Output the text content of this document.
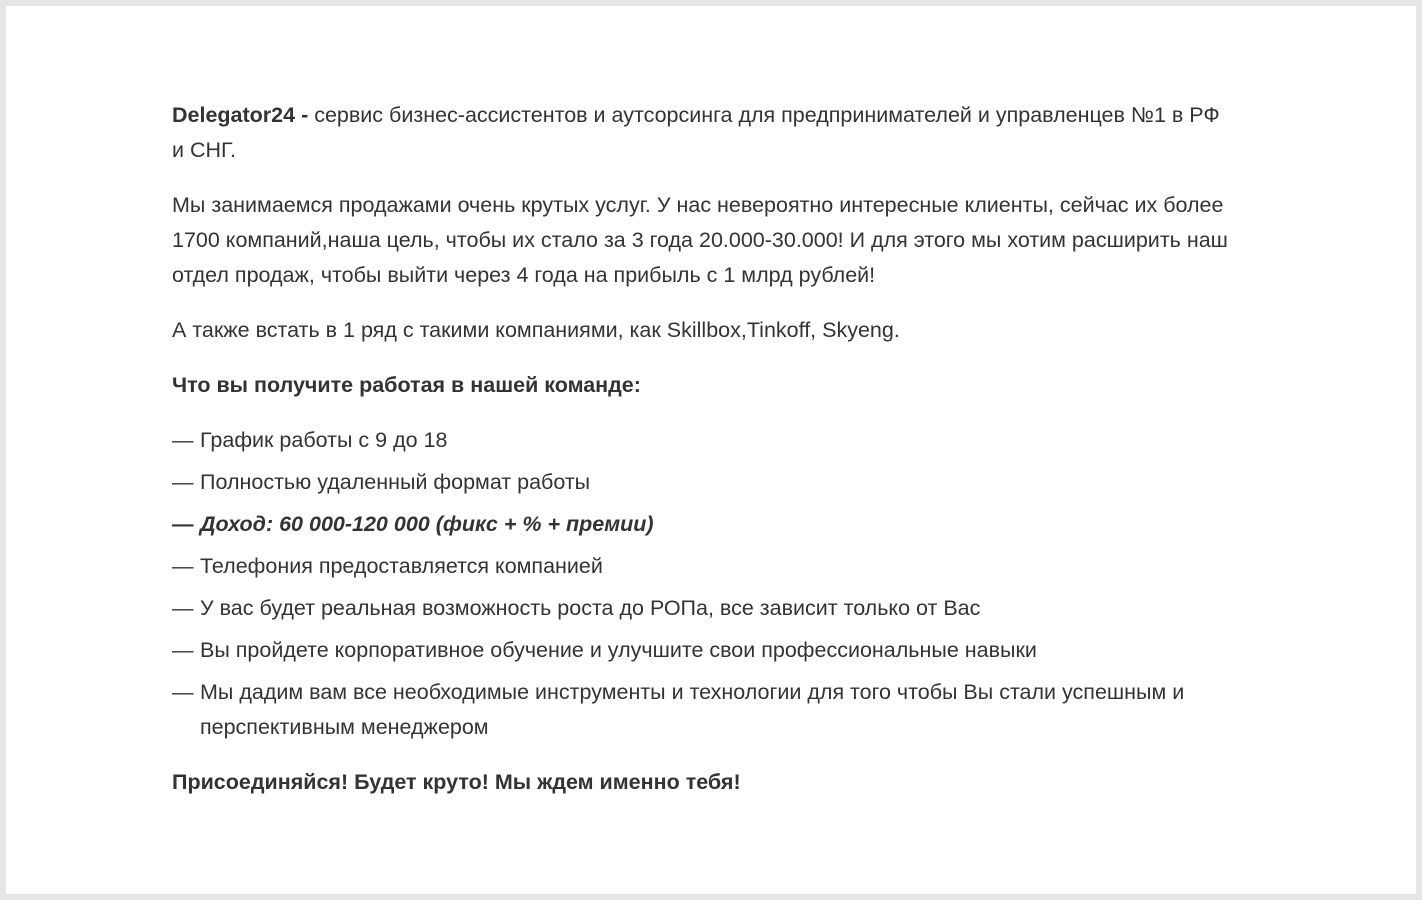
Delegator24 - сервис бизнес-ассистентов и аутсорсинга для предпринимателей и управленцев №1 в РФ и СНГ.

Мы занимаемся продажами очень крутых услуг. У нас невероятно интересные клиенты, сейчас их более 1700 компаний,наша цель, чтобы их стало за 3 года 20.000-30.000! И для этого мы хотим расширить наш отдел продаж, чтобы выйти через 4 года на прибыль с 1 млрд рублей!

А также встать в 1 ряд с такими компаниями, как Skillbox,Tinkoff, Skyeng.

Что вы получите работая в нашей команде:

— График работы с 9 до 18
— Полностью удаленный формат работы
— Доход: 60 000-120 000 (фикс + % + премии)
— Телефония предоставляется компанией
— У вас будет реальная возможность роста до РОПа, все зависит только от Вас
— Вы пройдете корпоративное обучение и улучшите свои профессиональные навыки
— Мы дадим вам все необходимые инструменты и технологии для того чтобы Вы стали успешным и перспективным менеджером

Присоединяйся! Будет круто! Мы ждем именно тебя!
